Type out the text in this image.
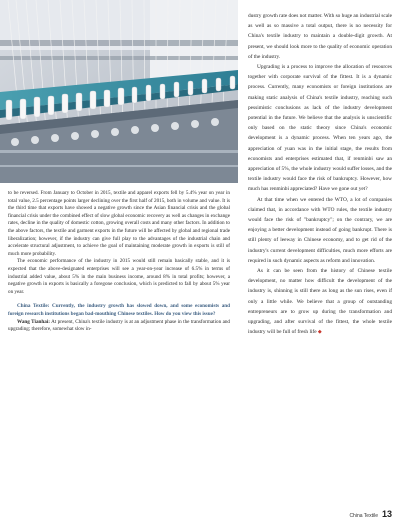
to be reversed. From January to October in 2015, textile and apparel exports fell by 5.4% year on year in total value, 2.5 percentage points larger declining over the first half of 2015, both in volume and value. It is the third time that exports have showed a negative growth since the Asian financial crisis and the global financial crisis under the combined effect of slow global economic recovery as well as changes in exchange rates, decline in the quality of domestic cotton, growing overall costs and many other factors. In addition to the above factors, the textile and garment exports in the future will be affected by global and regional trade liberalization; however, if the industry can give full play to the advantages of the industrial chain and accelerate structural adjustment, to achieve the goal of maintaining moderate growth in exports is still of much more probability.

The economic performance of the industry in 2015 would still remain basically stable, and it is expected that the above-designated enterprises will see a year-on-year increase of 6.5% in terms of industrial added value, about 5% in the main business income, around 8% in total profits; however, a negative growth in exports is basically a foregone conclusion, which is predicted to fall by about 5% year on year.

China Textile: Currently, the industry growth has slowed down, and some economists and foreign research institutions began bad-mouthing Chinese textiles. How do you view this issue?

Wang Tianhai: At present, China's textile industry is at an adjustment phase in the transformation and upgrading; therefore, somewhat slow in-

dustry growth rate does not matter. With so huge an industrial scale as well as so massive a total output, there is no necessity for China's textile industry to maintain a double-digit growth. At present, we should look more to the quality of economic operation of the industry.

Upgrading is a process to improve the allocation of resources together with corporate survival of the fittest. It is a dynamic process. Currently, many economists or foreign institutions are making static analysis of China's textile industry, reaching such pessimistic conclusions as lack of the industry development potential in the future. We believe that the analysis is unscientific only based on the static theory since China's economic development is a dynamic process. When ten years ago, the appreciation of yuan was in the initial stage, the results from economists and enterprises estimated that, if renminbi saw an appreciation of 5%, the whole industry would suffer losses, and the textile industry would face the risk of bankruptcy. However, how much has renminbi appreciated? Have we gone out yet?

At that time when we entered the WTO, a lot of companies claimed that, in accordance with WTO rules, the textile industry would face the risk of "bankruptcy"; on the contrary, we are enjoying a better development instead of going bankrupt. There is still plenty of leeway in Chinese economy, and to get rid of the industry's current development difficulties, much more efforts are required in such dynamic aspects as reform and innovation.

As it can be seen from the history of Chinese textile development, no matter how difficult the development of the industry is, shinning is still there as long as the sun rises, even if only a little while. We believe that a group of outstanding entrepreneurs are to grow up during the transformation and upgrading, and after survival of the fittest, the whole textile industry will be full of fresh life ◆

China Textile 13
